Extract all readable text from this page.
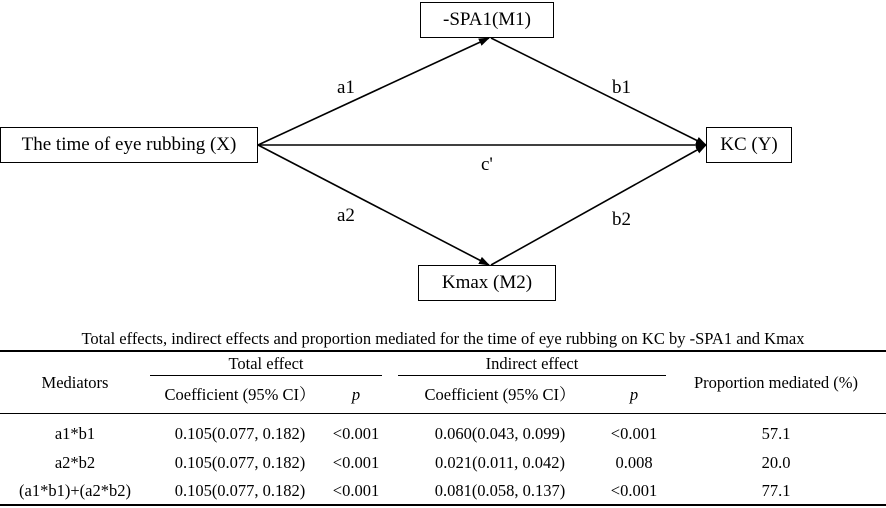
-SPA1(M1)
The time of eye rubbing (X)	KC (Y)
Kmax (M2)
a1	b1
c'
a2	b2
Total effects, indirect effects and proportion mediated for the time of eye rubbing on KC by -SPA1 and Kmax
Mediators
Total effect	Indirect effect
Proportion mediated (%)
Coefficient (95% CI）	p	Coefficient (95% CI）	p
a1*b1	0.105(0.077, 0.182)	<0.001	0.060(0.043, 0.099)	<0.001	57.1
a2*b2	0.105(0.077, 0.182)	<0.001	0.021(0.011, 0.042)	0.008	20.0
(a1*b1)+(a2*b2)	0.105(0.077, 0.182)	<0.001	0.081(0.058, 0.137)	<0.001	77.1
